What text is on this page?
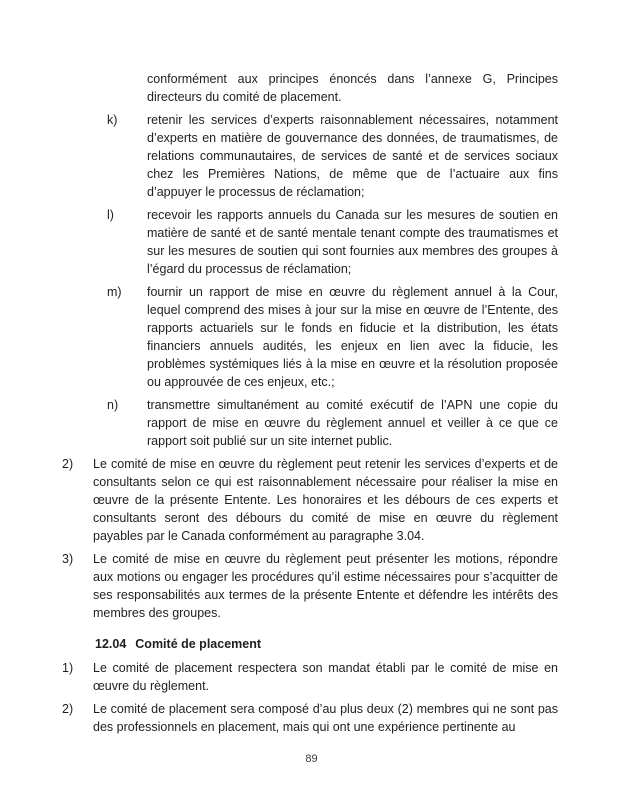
conformément aux principes énoncés dans l’annexe G, Principes directeurs du comité de placement.

k)	retenir les services d’experts raisonnablement nécessaires, notamment d’experts en matière de gouvernance des données, de traumatismes, de relations communautaires, de services de santé et de services sociaux chez les Premières Nations, de même que de l’actuaire aux fins d’appuyer le processus de réclamation;
l)	recevoir les rapports annuels du Canada sur les mesures de soutien en matière de santé et de santé mentale tenant compte des traumatismes et sur les mesures de soutien qui sont fournies aux membres des groupes à l’égard du processus de réclamation;
m)	fournir un rapport de mise en œuvre du règlement annuel à la Cour, lequel comprend des mises à jour sur la mise en œuvre de l’Entente, des rapports actuariels sur le fonds en fiducie et la distribution, les états financiers annuels audités, les enjeux en lien avec la fiducie, les problèmes systémiques liés à la mise en œuvre et la résolution proposée ou approuvée de ces enjeux, etc.;
n)	transmettre simultanément au comité exécutif de l’APN une copie du rapport de mise en œuvre du règlement annuel et veiller à ce que ce rapport soit publié sur un site internet public.
2)	Le comité de mise en œuvre du règlement peut retenir les services d’experts et de consultants selon ce qui est raisonnablement nécessaire pour réaliser la mise en œuvre de la présente Entente. Les honoraires et les débours de ces experts et consultants seront des débours du comité de mise en œuvre du règlement payables par le Canada conformément au paragraphe 3.04.
3)	Le comité de mise en œuvre du règlement peut présenter les motions, répondre aux motions ou engager les procédures qu’il estime nécessaires pour s’acquitter de ses responsabilités aux termes de la présente Entente et défendre les intérêts des membres des groupes.
12.04 Comité de placement
1)	Le comité de placement respectera son mandat établi par le comité de mise en œuvre du règlement.
2)	Le comité de placement sera composé d’au plus deux (2) membres qui ne sont pas des professionnels en placement, mais qui ont une expérience pertinente au
89
